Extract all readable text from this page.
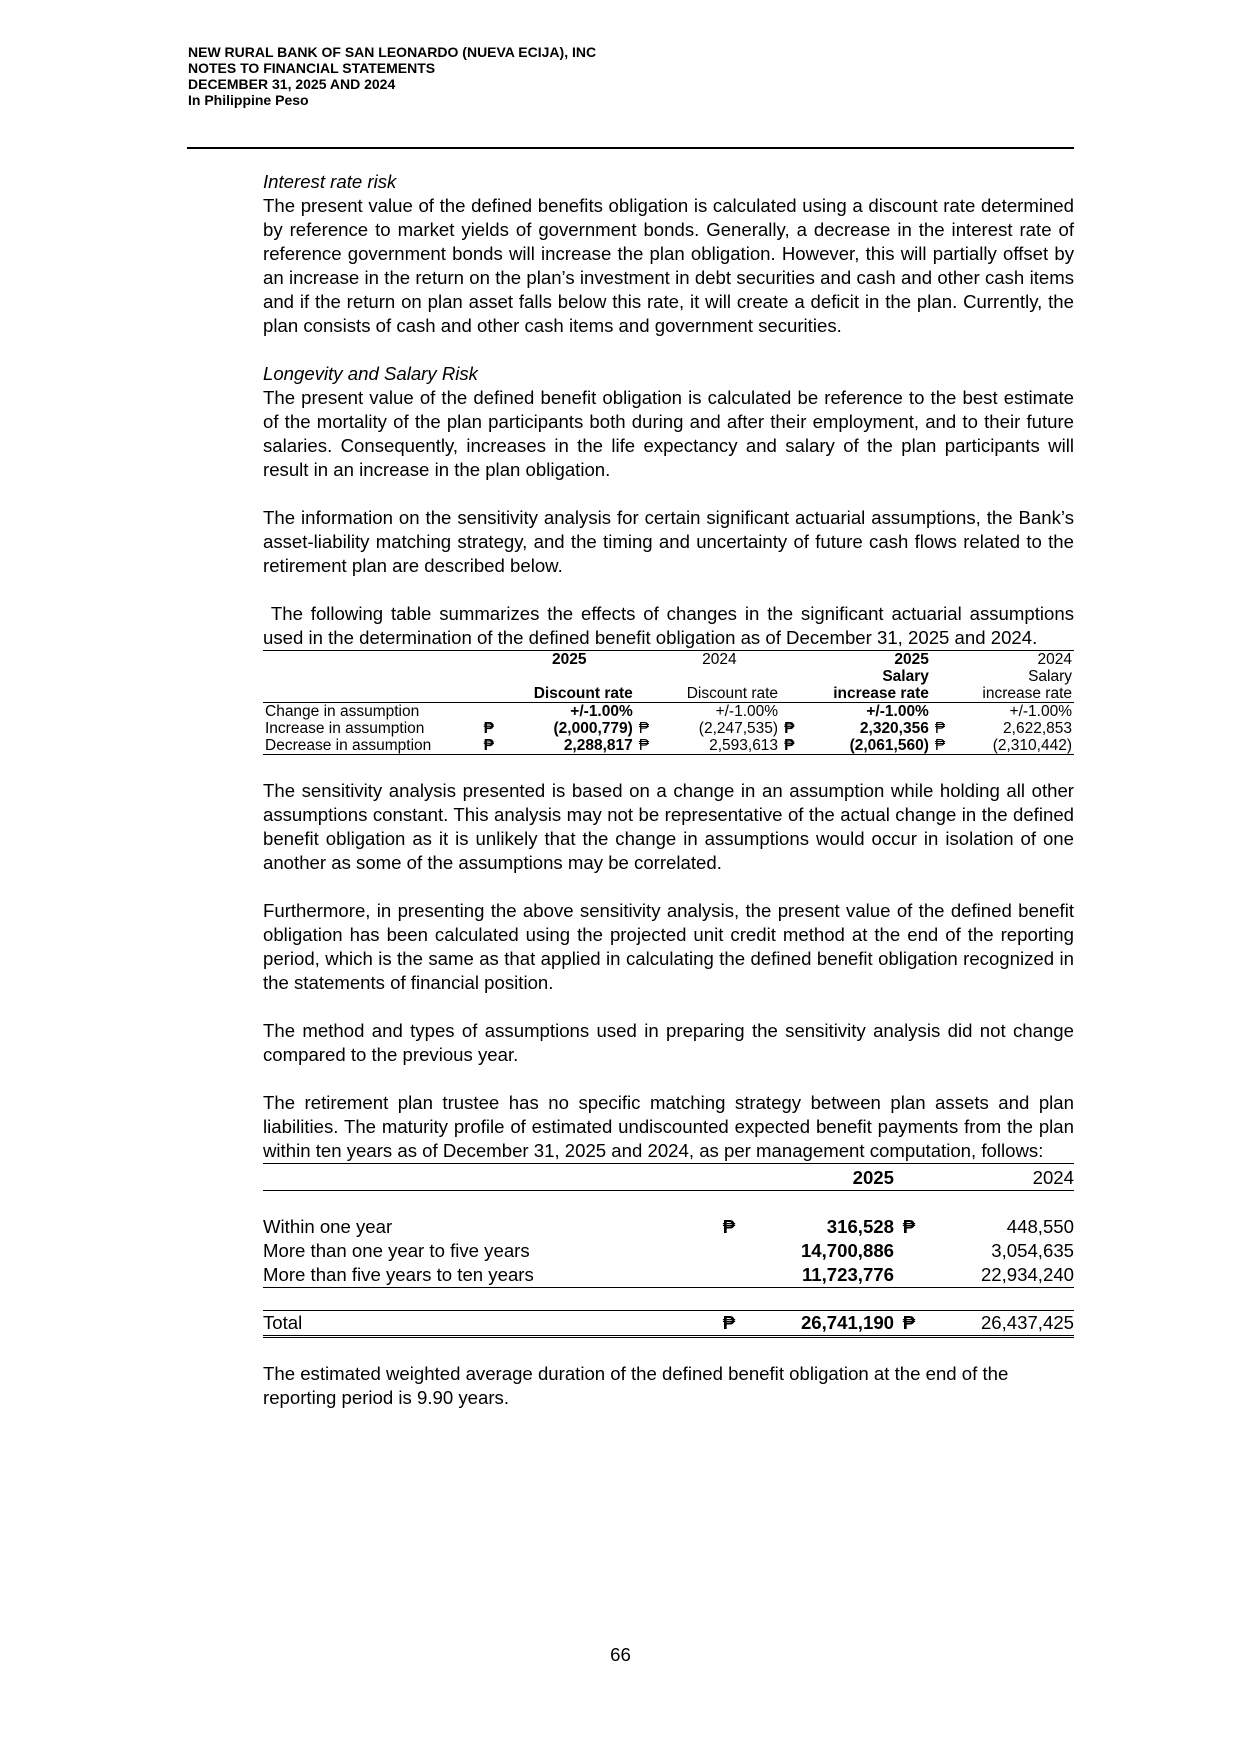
NEW RURAL BANK OF SAN LEONARDO (NUEVA ECIJA), INC
NOTES TO FINANCIAL STATEMENTS
DECEMBER 31, 2025 AND 2024
In Philippine Peso
Interest rate risk

The present value of the defined benefits obligation is calculated using a discount rate determined by reference to market yields of government bonds. Generally, a decrease in the interest rate of reference government bonds will increase the plan obligation. However, this will partially offset by an increase in the return on the plan’s investment in debt securities and cash and other cash items and if the return on plan asset falls below this rate, it will create a deficit in the plan. Currently, the plan consists of cash and other cash items and government securities.

Longevity and Salary Risk

The present value of the defined benefit obligation is calculated be reference to the best estimate of the mortality of the plan participants both during and after their employment, and to their future salaries. Consequently, increases in the life expectancy and salary of the plan participants will result in an increase in the plan obligation.

The information on the sensitivity analysis for certain significant actuarial assumptions, the Bank’s asset-liability matching strategy, and the timing and uncertainty of future cash flows related to the retirement plan are described below.

The following table summarizes the effects of changes in the significant actuarial assumptions used in the determination of the defined benefit obligation as of December 31, 2025 and 2024.

		2025		2024		2025		2024
						Salary		Salary
		Discount rate		Discount rate		increase rate		increase rate
Change in assumption		+/-1.00%		+/-1.00%		+/-1.00%		+/-1.00%
Increase in assumption	₱	(2,000,779)	₱	(2,247,535)	₱	2,320,356	₱	2,622,853
Decrease in assumption	₱	2,288,817	₱	2,593,613	₱	(2,061,560)	₱	(2,310,442)

The sensitivity analysis presented is based on a change in an assumption while holding all other assumptions constant. This analysis may not be representative of the actual change in the defined benefit obligation as it is unlikely that the change in assumptions would occur in isolation of one another as some of the assumptions may be correlated.

Furthermore, in presenting the above sensitivity analysis, the present value of the defined benefit obligation has been calculated using the projected unit credit method at the end of the reporting period, which is the same as that applied in calculating the defined benefit obligation recognized in the statements of financial position.

The method and types of assumptions used in preparing the sensitivity analysis did not change compared to the previous year.

The retirement plan trustee has no specific matching strategy between plan assets and plan liabilities. The maturity profile of estimated undiscounted expected benefit payments from the plan within ten years as of December 31, 2025 and 2024, as per management computation, follows:

		2025		2024

Within one year	₱	316,528	₱	448,550
More than one year to five years		14,700,886		3,054,635
More than five years to ten years		11,723,776		22,934,240

Total	₱	26,741,190	₱	26,437,425

The estimated weighted average duration of the defined benefit obligation at the end of the reporting period is 9.90 years.

66
